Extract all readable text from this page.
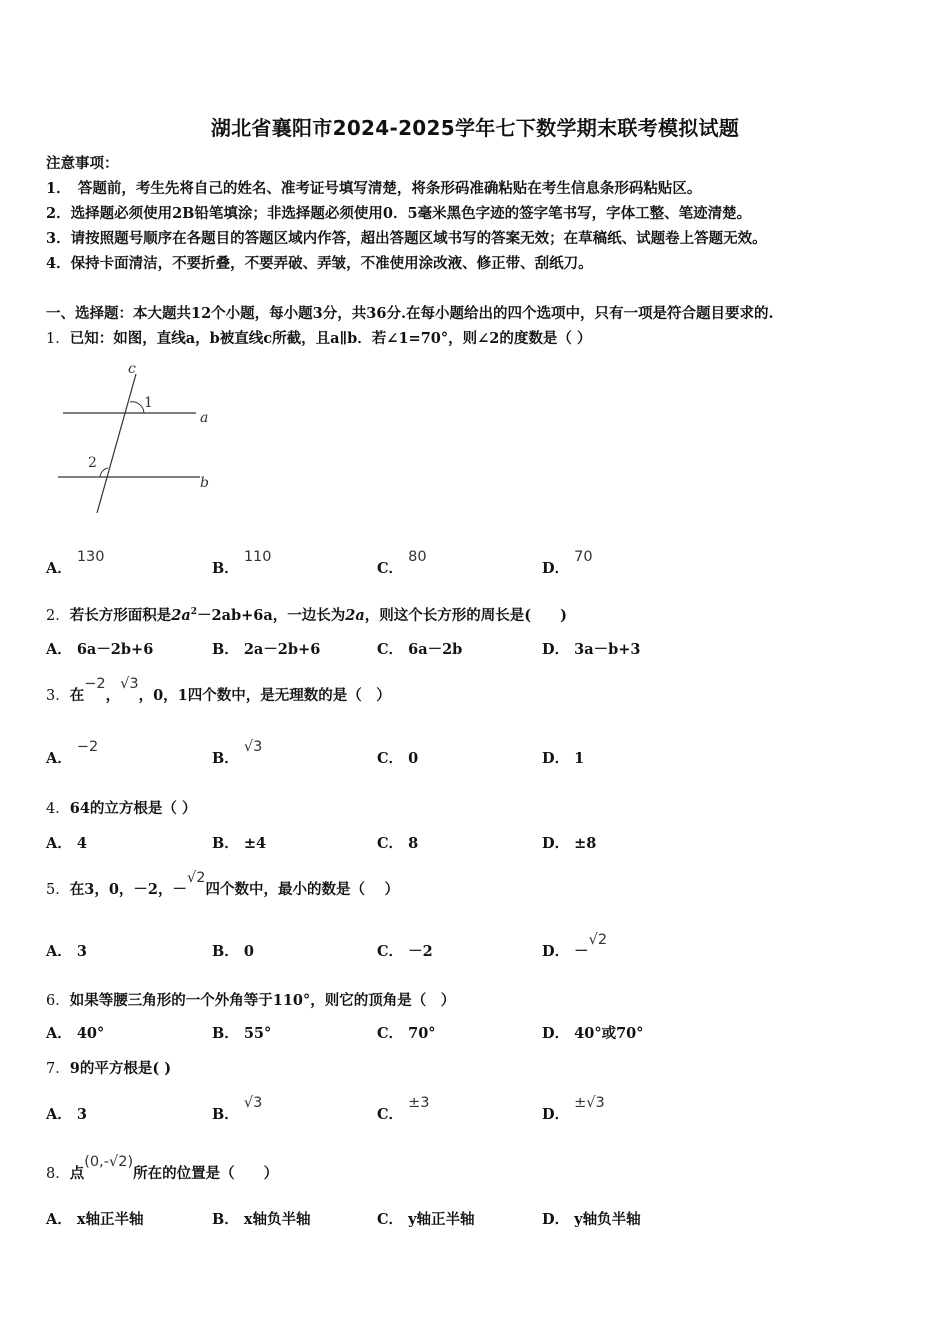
湖北省襄阳市2024-2025学年七下数学期末联考模拟试题
注意事项：
1．　答题前，考生先将自己的姓名、准考证号填写清楚，将条形码准确粘贴在考生信息条形码粘贴区。
2．选择题必须使用2B铅笔填涂；非选择题必须使用0．5毫米黑色字迹的签字笔书写，字体工整、笔迹清楚。
3．请按照题号顺序在各题目的答题区域内作答，超出答题区域书写的答案无效；在草稿纸、试题卷上答题无效。
4．保持卡面清洁，不要折叠，不要弄破、弄皱，不准使用涂改液、修正带、刮纸刀。
一、选择题：本大题共12个小题，每小题3分，共36分.在每小题给出的四个选项中，只有一项是符合题目要求的.
1．已知：如图，直线a，b被直线c所截，且a∥b．若∠1=70°，则∠2的度数是（ ）
c
1
a
2
b
A． 130
B． 110
C． 80
D． 70
2．若长方形面积是$2a^2-2ab+6a$，一边长为2a，则这个长方形的周长是(　　)
A． 6a－2b+6	B． 2a－2b+6	C． 6a－2b	D． 3a－b+3
3．在−2，√3，0，1四个数中，是无理数的是（　）
A． −2
B． √3
C． 0	D． 1
4．64的立方根是（ ）
A． 4	B． ±4	C． 8	D． ±8
5．在3，0，－2，－√2四个数中，最小的数是（　 ）
A． 3	B． 0	C． －2	D． －√2
6．如果等腰三角形的一个外角等于110°，则它的顶角是（　）
A． 40°	B． 55°	C． 70°	D． 40°或70°
7．9的平方根是( )
A． 3	B． √3
C． ±3
D． ±√3
8．点(0,-√2)所在的位置是（　　）
A． x轴正半轴	B． x轴负半轴	C． y轴正半轴	D． y轴负半轴
